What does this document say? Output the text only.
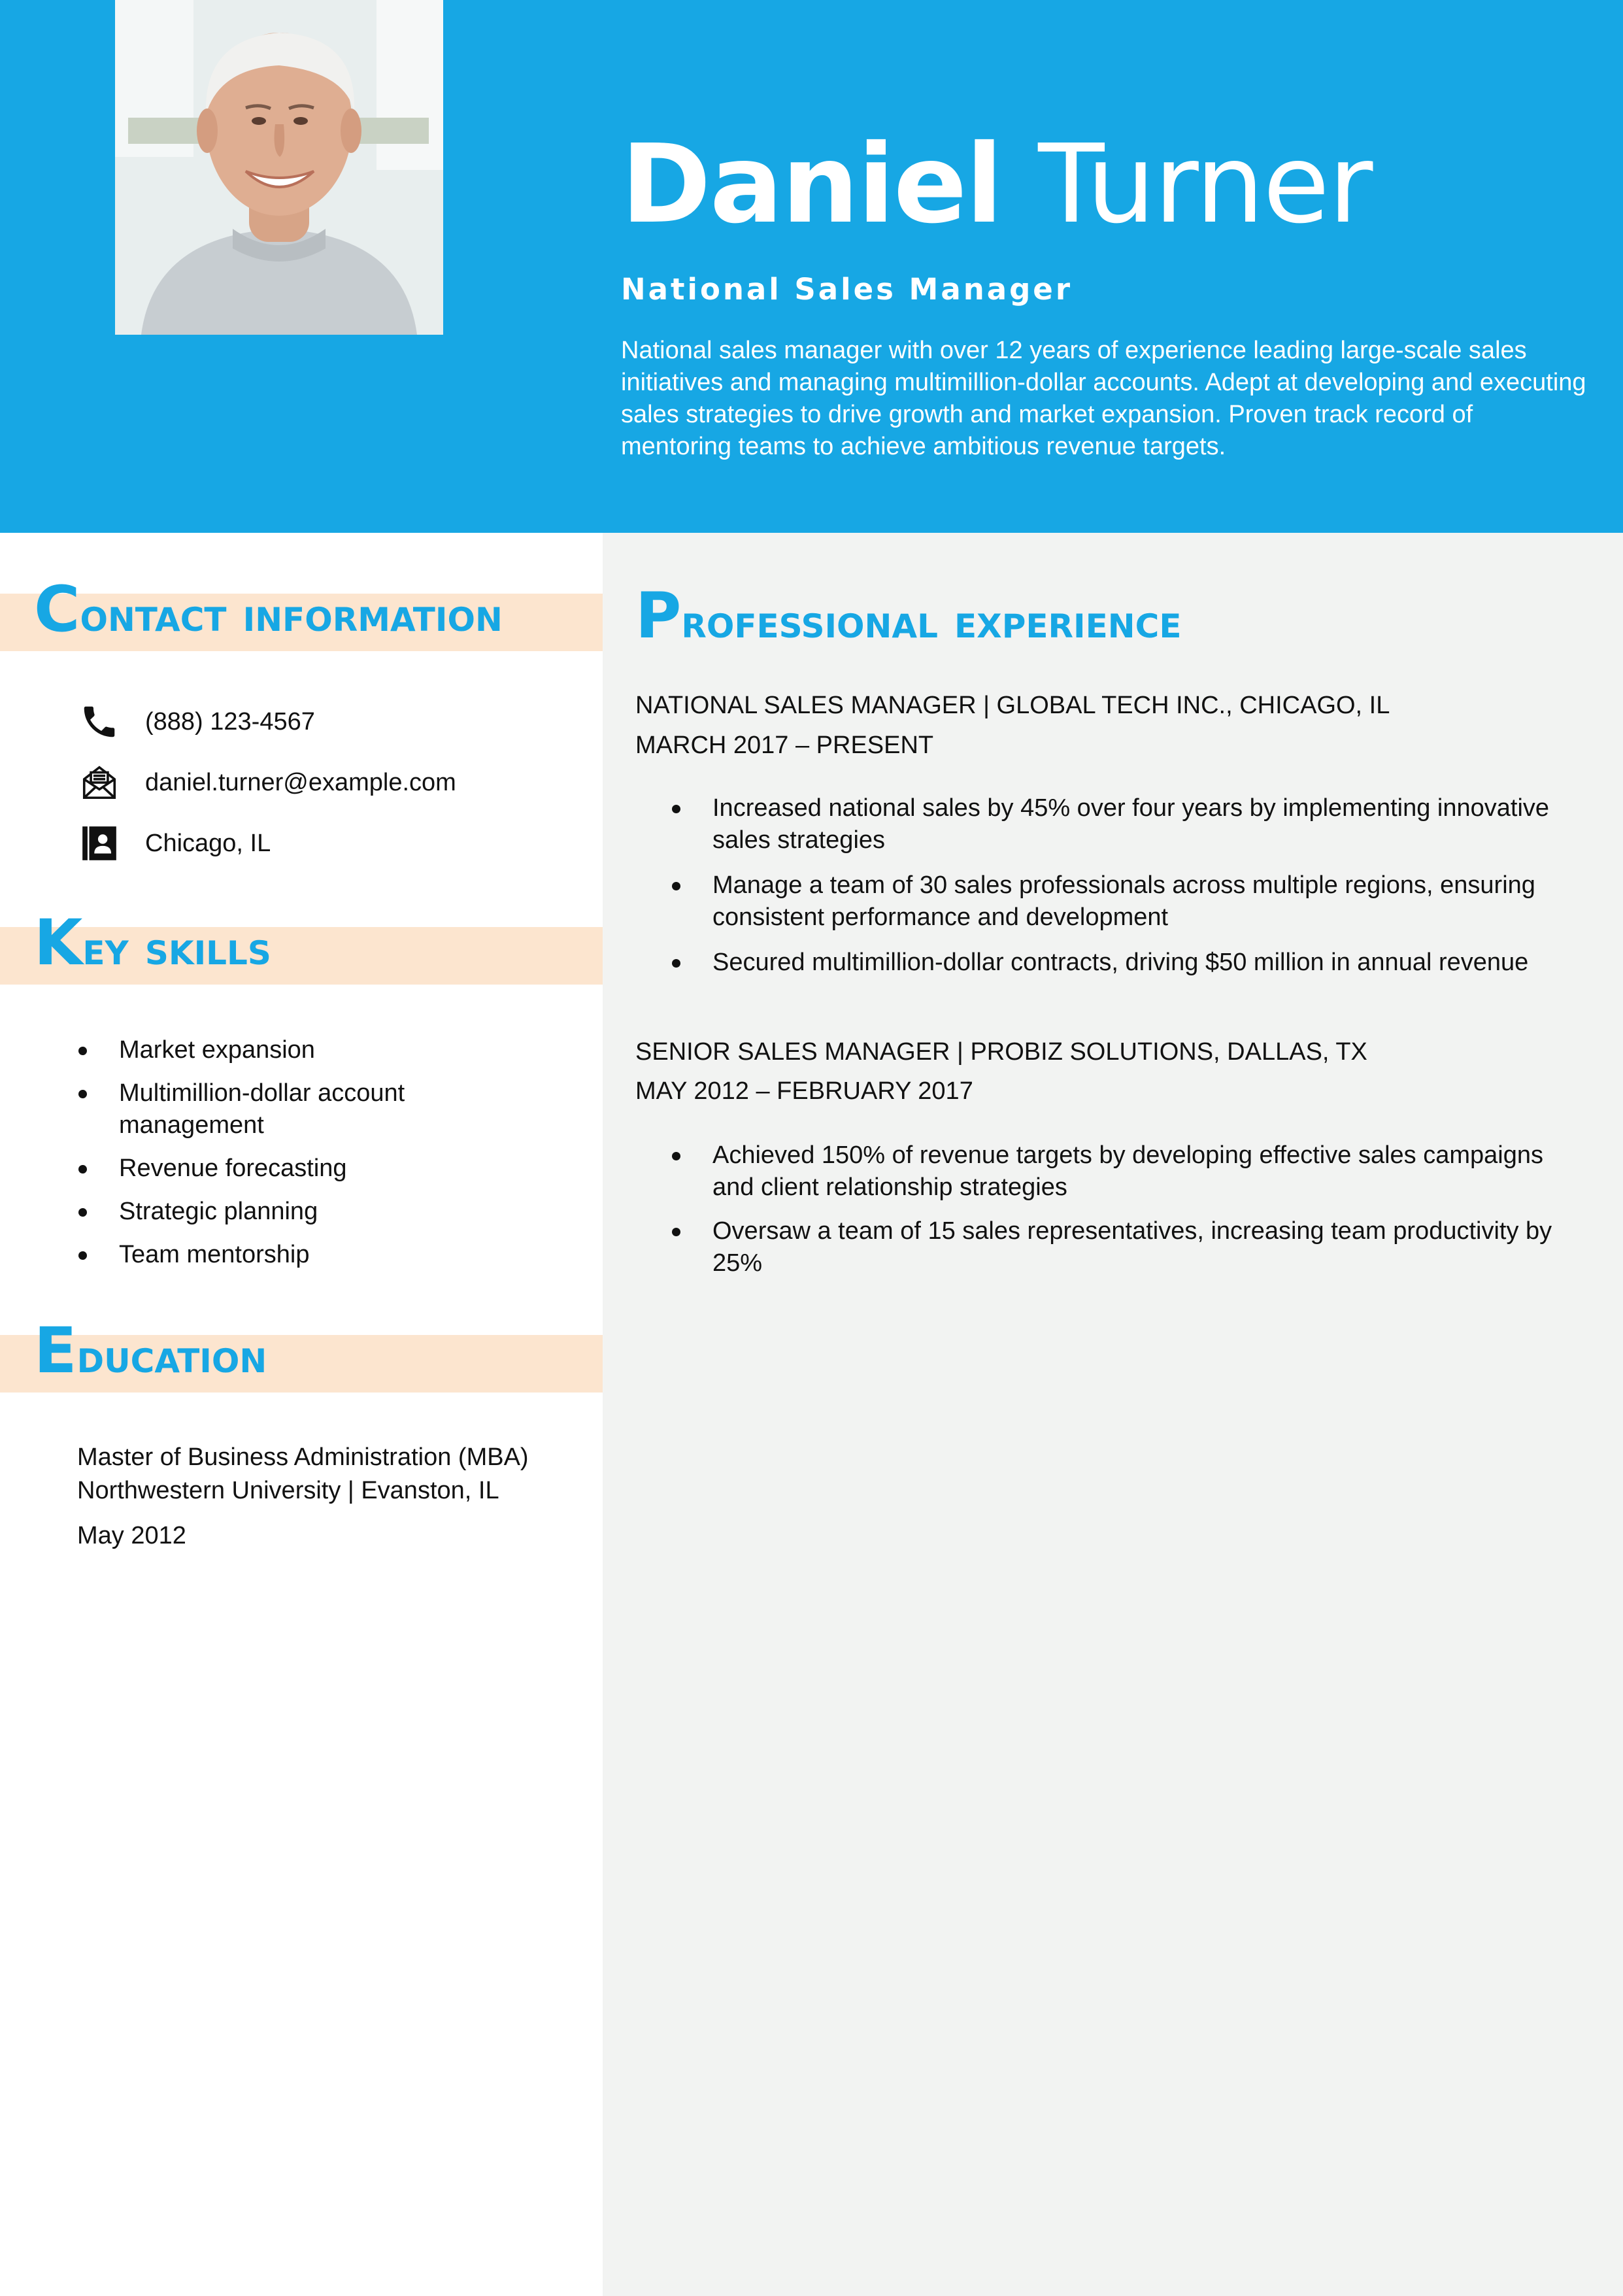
Daniel Turner

National Sales Manager

National sales manager with over 12 years of experience leading large-scale sales initiatives and managing multimillion-dollar accounts. Adept at developing and executing sales strategies to drive growth and market expansion. Proven track record of mentoring teams to achieve ambitious revenue targets.

Contact information
(888) 123-4567
daniel.turner@example.com
Chicago, IL
Key skills
Market expansion
Multimillion-dollar account management
Revenue forecasting
Strategic planning
Team mentorship
Education

Master of Business Administration (MBA)

Northwestern University | Evanston, IL

May 2012

Professional experience

NATIONAL SALES MANAGER | GLOBAL TECH INC., CHICAGO, IL

MARCH 2017 – PRESENT

Increased national sales by 45% over four years by implementing innovative sales strategies
Manage a team of 30 sales professionals across multiple regions, ensuring consistent performance and development
Secured multimillion-dollar contracts, driving $50 million in annual revenue

SENIOR SALES MANAGER | PROBIZ SOLUTIONS, DALLAS, TX

MAY 2012 – FEBRUARY 2017

Achieved 150% of revenue targets by developing effective sales campaigns and client relationship strategies
Oversaw a team of 15 sales representatives, increasing team productivity by 25%
